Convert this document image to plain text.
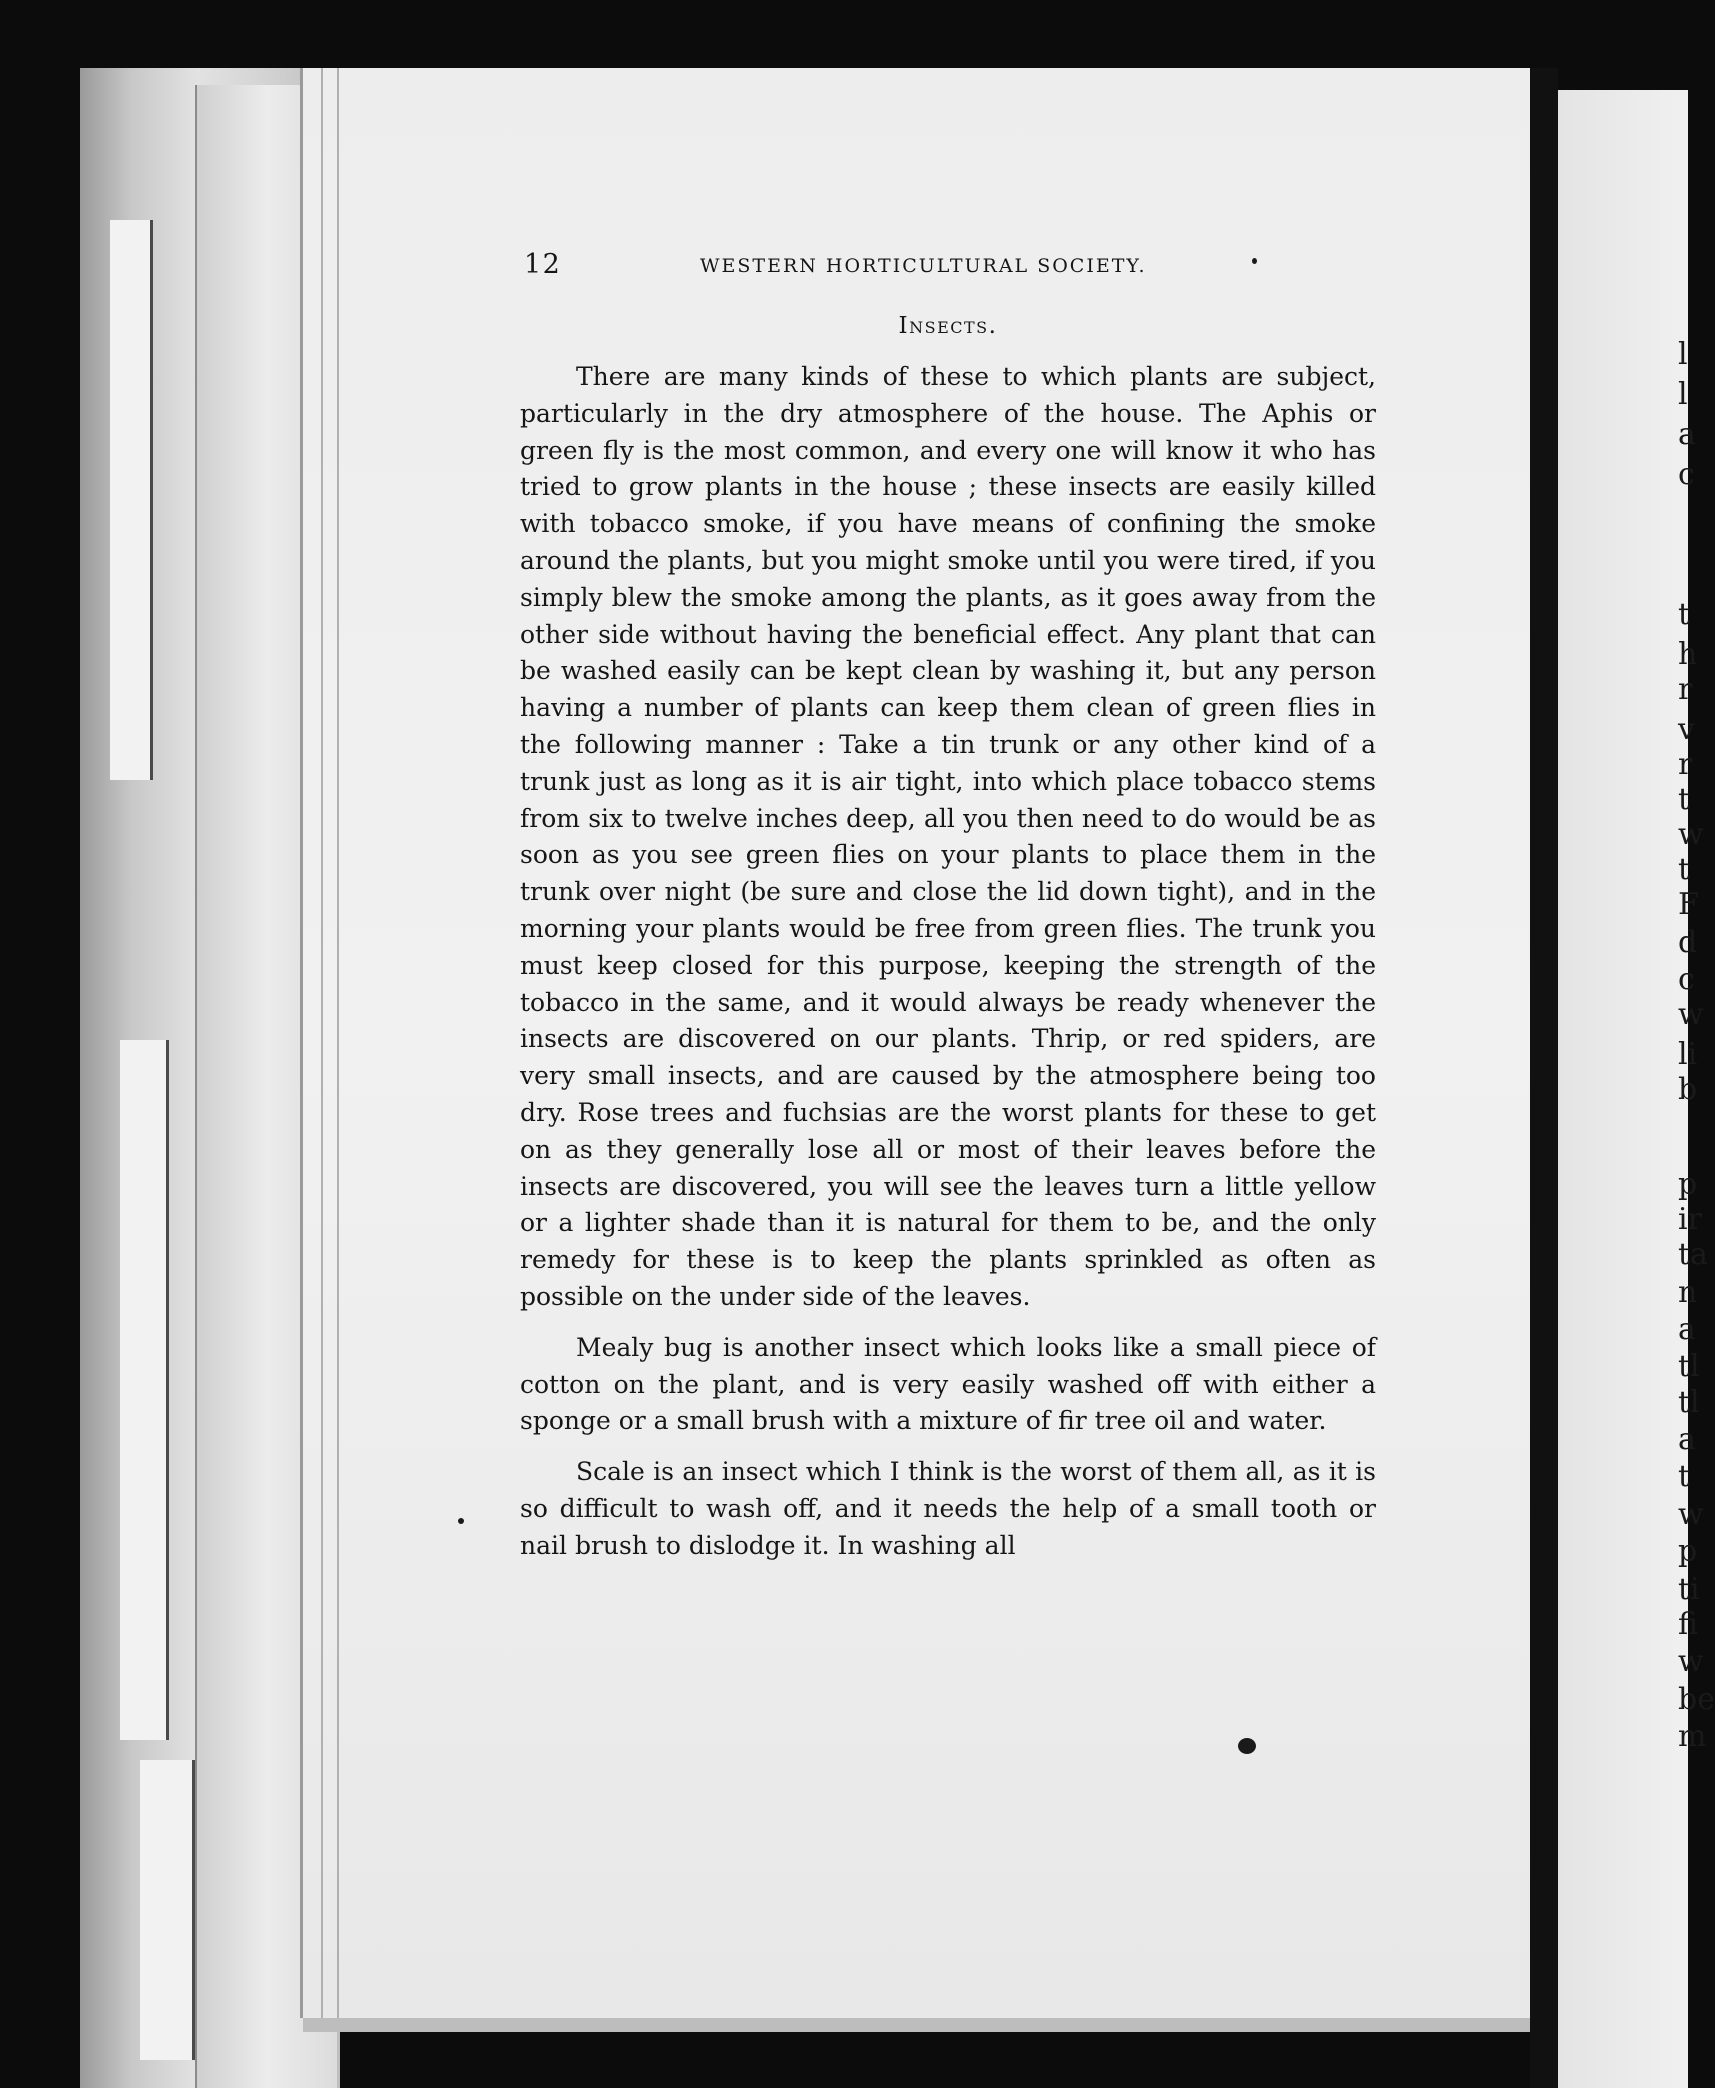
l
l
a
c
t
h
r
v
r
t
w
t
F
d
c
w
li
b
p
ir
ta
n
a
tl
tl
a
t
w
p
ti
fi
w
be
m
12	WESTERN HORTICULTURAL SOCIETY.
Insects.

There are many kinds of these to which plants are subject, particularly in the dry atmosphere of the house. The Aphis or green fly is the most common, and every one will know it who has tried to grow plants in the house ; these insects are easily killed with tobacco smoke, if you have means of confining the smoke around the plants, but you might smoke until you were tired, if you simply blew the smoke among the plants, as it goes away from the other side without having the beneficial effect. Any plant that can be washed easily can be kept clean by washing it, but any person having a number of plants can keep them clean of green flies in the following manner : Take a tin trunk or any other kind of a trunk just as long as it is air tight, into which place tobacco stems from six to twelve inches deep, all you then need to do would be as soon as you see green flies on your plants to place them in the trunk over night (be sure and close the lid down tight), and in the morning your plants would be free from green flies. The trunk you must keep closed for this purpose, keeping the strength of the tobacco in the same, and it would always be ready whenever the insects are discovered on our plants. Thrip, or red spiders, are very small insects, and are caused by the atmosphere being too dry. Rose trees and fuchsias are the worst plants for these to get on as they generally lose all or most of their leaves before the insects are discovered, you will see the leaves turn a little yellow or a lighter shade than it is natural for them to be, and the only remedy for these is to keep the plants sprinkled as often as possible on the under side of the leaves.

Mealy bug is another insect which looks like a small piece of cotton on the plant, and is very easily washed off with either a sponge or a small brush with a mixture of fir tree oil and water.

Scale is an insect which I think is the worst of them all, as it is so difficult to wash off, and it needs the help of a small tooth or nail brush to dislodge it. In washing all
